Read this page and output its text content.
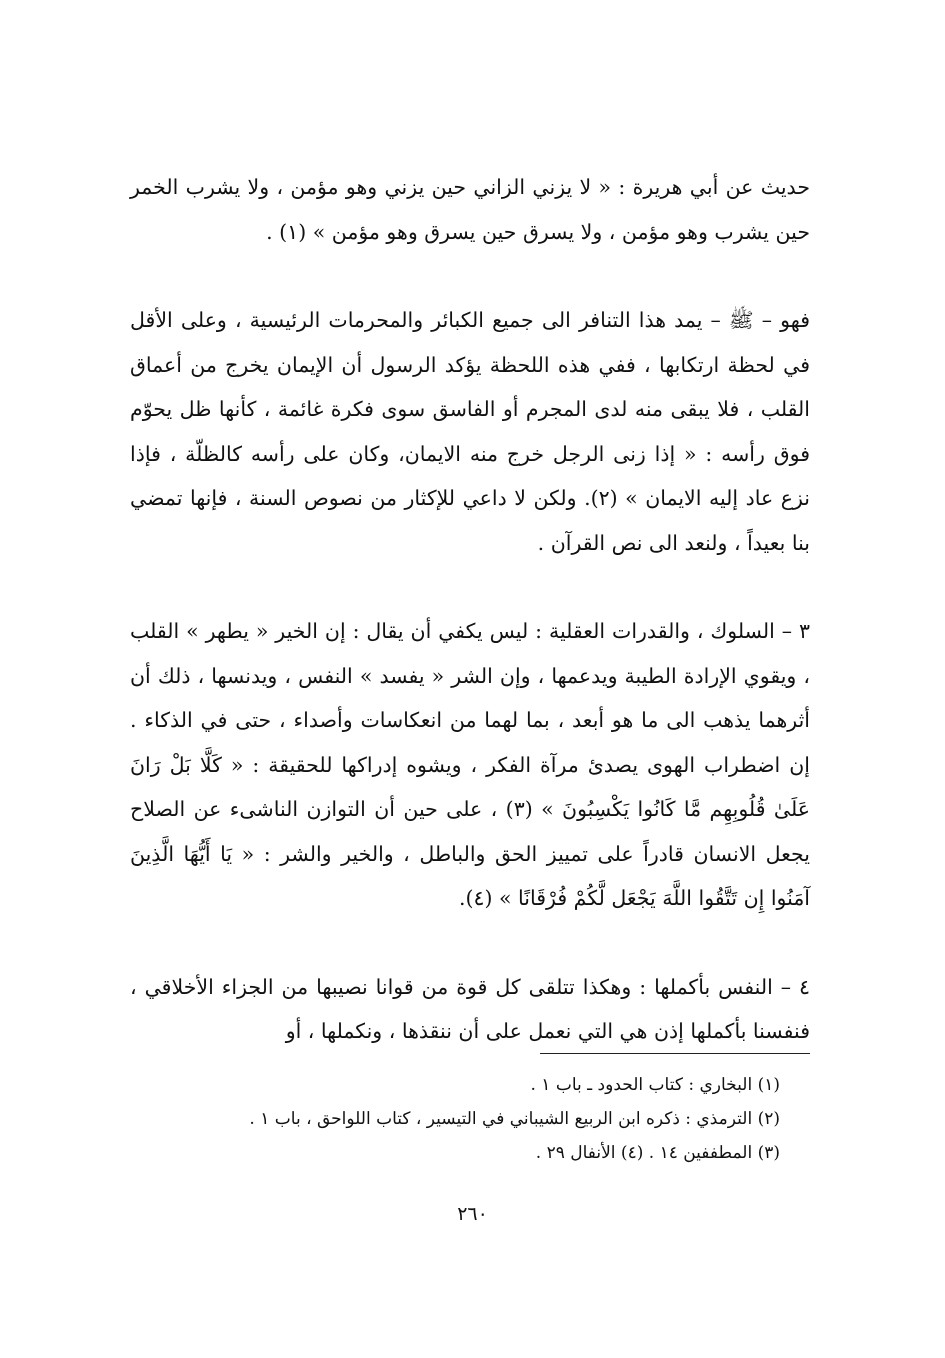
حديث عن أبي هريرة : « لا يزني الزاني حين يزني وهو مؤمن ، ولا يشرب الخمر حين يشرب وهو مؤمن ، ولا يسرق حين يسرق وهو مؤمن » (١) .

فهو – ﷺ – يمد هذا التنافر الى جميع الكبائر والمحرمات الرئيسية ، وعلى الأقل في لحظة ارتكابها ، ففي هذه اللحظة يؤكد الرسول أن الإيمان يخرج من أعماق القلب ، فلا يبقى منه لدى المجرم أو الفاسق سوى فكرة غائمة ، كأنها ظل يحوّم فوق رأسه : « إذا زنى الرجل خرج منه الايمان، وكان على رأسه كالظلّة ، فإذا نزع عاد إليه الايمان » (٢). ولكن لا داعي للإكثار من نصوص السنة ، فإنها تمضي بنا بعيداً ، ولنعد الى نص القرآن .

٣ – السلوك ، والقدرات العقلية : ليس يكفي أن يقال : إن الخير « يطهر » القلب ، ويقوي الإرادة الطيبة ويدعمها ، وإن الشر « يفسد » النفس ، ويدنسها ، ذلك أن أثرهما يذهب الى ما هو أبعد ، بما لهما من انعكاسات وأصداء ، حتى في الذكاء . إن اضطراب الهوى يصدئ مرآة الفكر ، ويشوه إدراكها للحقيقة : « كَلَّا بَلْ رَانَ عَلَىٰ قُلُوبِهِم مَّا كَانُوا يَكْسِبُونَ » (٣) ، على حين أن التوازن الناشىء عن الصلاح يجعل الانسان قادراً على تمييز الحق والباطل ، والخير والشر : « يَا أَيُّهَا الَّذِينَ آمَنُوا إِن تَتَّقُوا اللَّهَ يَجْعَل لَّكُمْ فُرْقَانًا » (٤).

٤ – النفس بأكملها : وهكذا تتلقى كل قوة من قوانا نصيبها من الجزاء الأخلاقي ، فنفسنا بأكملها إذن هي التي نعمل على أن ننقذها ، ونكملها ، أو

(١) البخاري : كتاب الحدود ـ باب ١ .

(٢) الترمذي : ذكره ابن الربيع الشيباني في التيسير ، كتاب اللواحق ، باب ١ .

(٣) المطففين ١٤ . (٤) الأنفال ٢٩ .

٢٦٠
